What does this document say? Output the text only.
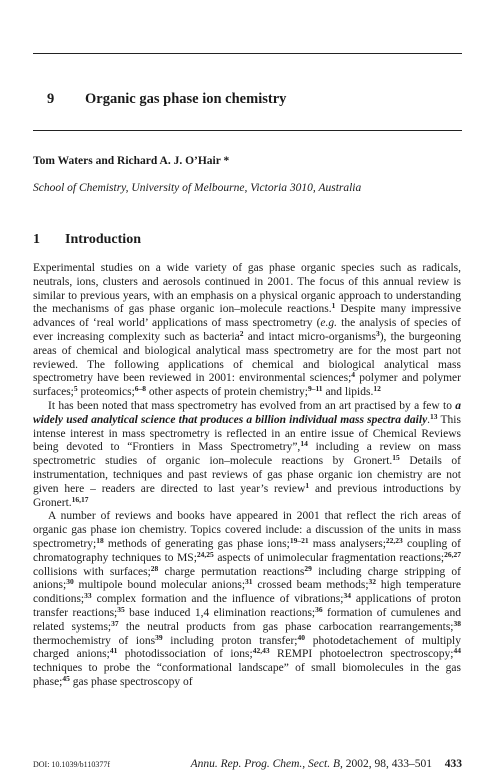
9 Organic gas phase ion chemistry
Tom Waters and Richard A. J. O’Hair *
School of Chemistry, University of Melbourne, Victoria 3010, Australia
1 Introduction

Experimental studies on a wide variety of gas phase organic species such as radicals, neutrals, ions, clusters and aerosols continued in 2001. The focus of this annual review is similar to previous years, with an emphasis on a physical organic approach to understanding the mechanisms of gas phase organic ion–molecule reactions.$^1$ Despite many impressive advances of ‘real world’ applications of mass spectrometry (e.g. the analysis of species of ever increasing complexity such as bacteria$^2$ and intact micro-organisms$^3$), the burgeoning areas of chemical and biological analytical mass spectrometry are for the most part not reviewed. The following applications of chemical and biological analytical mass spectrometry have been reviewed in 2001: environmental sciences;$^4$ polymer and polymer surfaces;$^5$ proteomics;$^{6-8}$ other aspects of protein chemistry;$^{9-11}$ and lipids.$^{12}$

It has been noted that mass spectrometry has evolved from an art practised by a few to a widely used analytical science that produces a billion individual mass spectra daily.$^{13}$ This intense interest in mass spectrometry is reflected in an entire issue of Chemical Reviews being devoted to “Frontiers in Mass Spectrometry”,$^{14}$ including a review on mass spectrometric studies of organic ion–molecule reactions by Gronert.$^{15}$ Details of instrumentation, techniques and past reviews of gas phase organic ion chemistry are not given here – readers are directed to last year’s review$^1$ and previous introductions by Gronert.$^{16,17}$

A number of reviews and books have appeared in 2001 that reflect the rich areas of organic gas phase ion chemistry. Topics covered include: a discussion of the units in mass spectrometry;$^{18}$ methods of generating gas phase ions;$^{19-21}$ mass analysers;$^{22,23}$ coupling of chromatography techniques to MS;$^{24,25}$ aspects of unimolecular fragmentation reactions;$^{26,27}$ collisions with surfaces;$^{28}$ charge permutation reactions$^{29}$ including charge stripping of anions;$^{30}$ multipole bound molecular anions;$^{31}$ crossed beam methods;$^{32}$ high temperature conditions;$^{33}$ complex formation and the influence of vibrations;$^{34}$ applications of proton transfer reactions;$^{35}$ base induced 1,4 elimination reactions;$^{36}$ formation of cumulenes and related systems;$^{37}$ the neutral products from gas phase carbocation rearrangements;$^{38}$ thermochemistry of ions$^{39}$ including proton transfer;$^{40}$ photodetachement of multiply charged anions;$^{41}$ photodissociation of ions;$^{42,43}$ REMPI photoelectron spectroscopy;$^{44}$ techniques to probe the “conformational landscape” of small biomolecules in the gas phase;$^{45}$ gas phase spectroscopy of

DOI: 10.1039/b110377f	Annu. Rep. Prog. Chem., Sect. B, 2002, 98, 433–501 433
